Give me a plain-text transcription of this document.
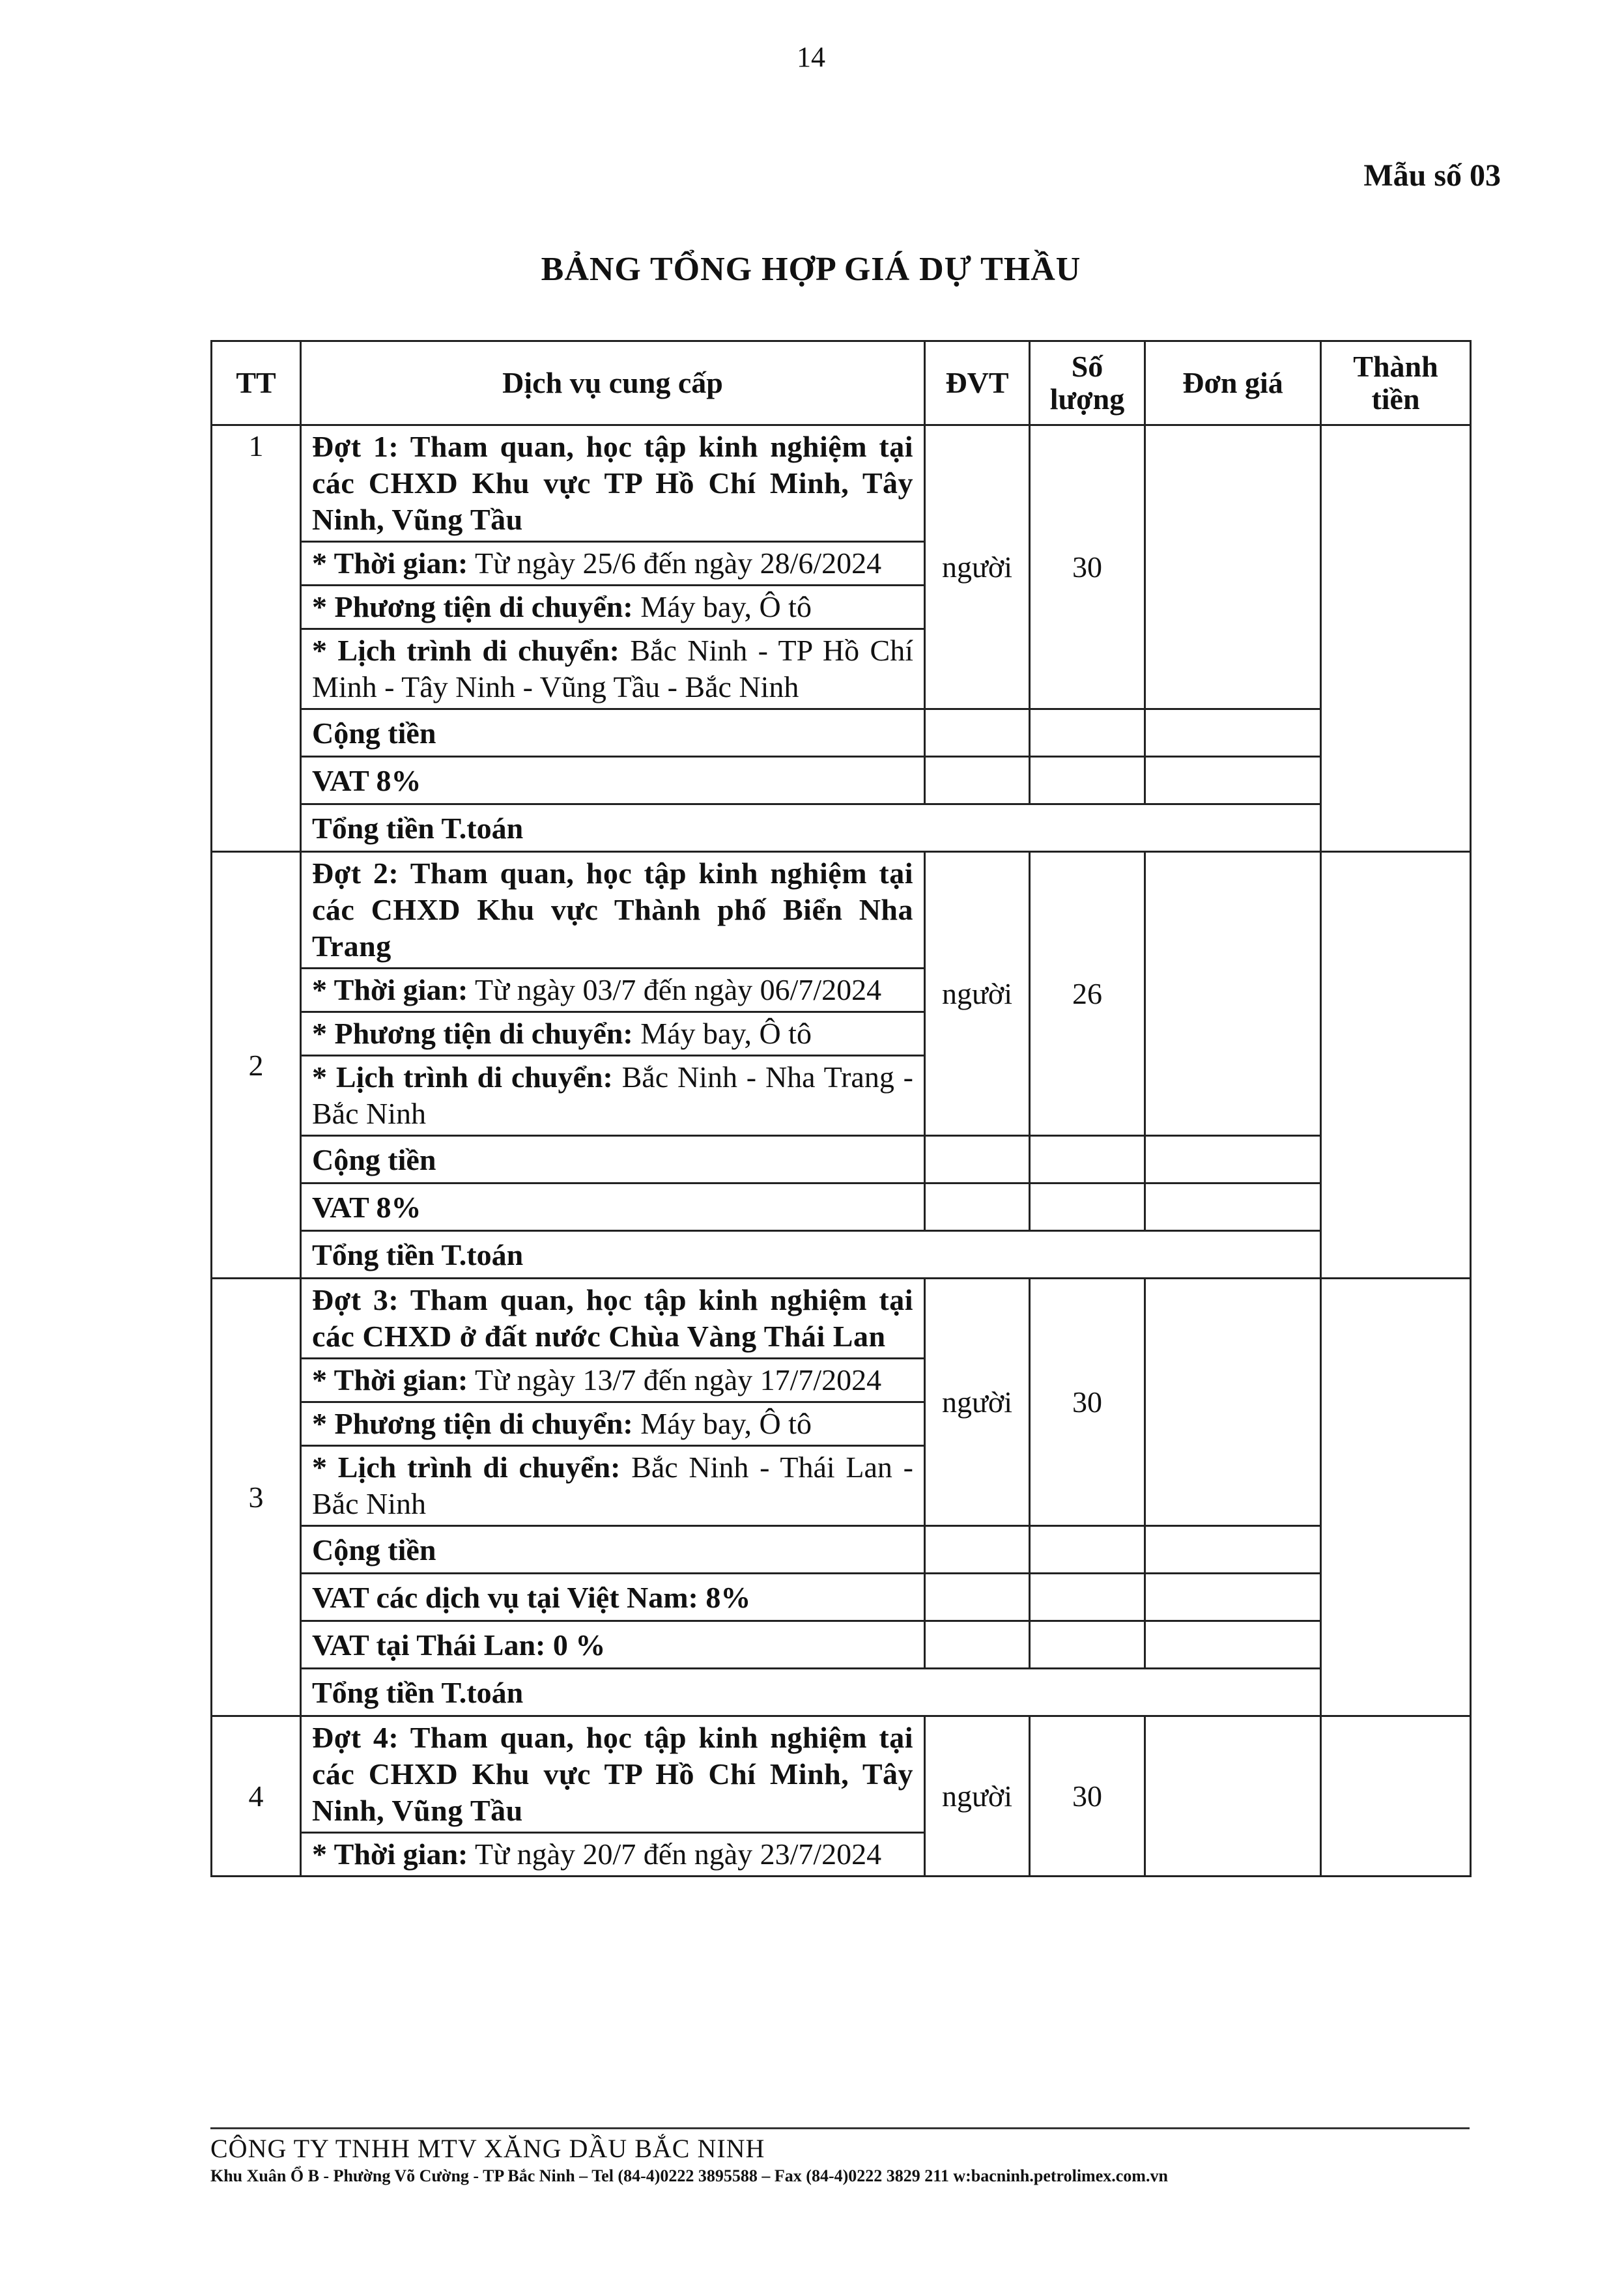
14
Mẫu số 03
BẢNG TỔNG HỢP GIÁ DỰ THẦU
TT	Dịch vụ cung cấp	ĐVT	Số lượng	Đơn giá	Thành tiền
1	Đợt 1: Tham quan, học tập kinh nghiệm tại các CHXD Khu vực TP Hồ Chí Minh, Tây Ninh, Vũng Tầu	người	30		
	* Thời gian: Từ ngày 25/6 đến ngày 28/6/2024				
	* Phương tiện di chuyển: Máy bay, Ô tô				
	* Lịch trình di chuyển: Bắc Ninh - TP Hồ Chí Minh - Tây Ninh - Vũng Tầu - Bắc Ninh				
	Cộng tiền				
	VAT 8%				
	Tổng tiền T.toán				
2	Đợt 2: Tham quan, học tập kinh nghiệm tại các CHXD Khu vực Thành phố Biển Nha Trang	người	26		
	* Thời gian: Từ ngày 03/7 đến ngày 06/7/2024				
	* Phương tiện di chuyển: Máy bay, Ô tô				
	* Lịch trình di chuyển: Bắc Ninh - Nha Trang - Bắc Ninh				
	Cộng tiền				
	VAT 8%				
	Tổng tiền T.toán				
3	Đợt 3: Tham quan, học tập kinh nghiệm tại các CHXD ở đất nước Chùa Vàng Thái Lan	người	30		
	* Thời gian: Từ ngày 13/7 đến ngày 17/7/2024				
	* Phương tiện di chuyển: Máy bay, Ô tô				
	* Lịch trình di chuyển: Bắc Ninh - Thái Lan - Bắc Ninh				
	Cộng tiền				
	VAT các dịch vụ tại Việt Nam: 8%				
	VAT tại Thái Lan: 0 %				
	Tổng tiền T.toán				
4	Đợt 4: Tham quan, học tập kinh nghiệm tại các CHXD Khu vực TP Hồ Chí Minh, Tây Ninh, Vũng Tầu	người	30		
	* Thời gian: Từ ngày 20/7 đến ngày 23/7/2024				
CÔNG TY TNHH MTV XĂNG DẦU BẮC NINH
Khu Xuân Ổ B - Phường Võ Cường - TP Bắc Ninh – Tel (84-4)0222 3895588 – Fax (84-4)0222 3829 211 w:bacninh.petrolimex.com.vn
